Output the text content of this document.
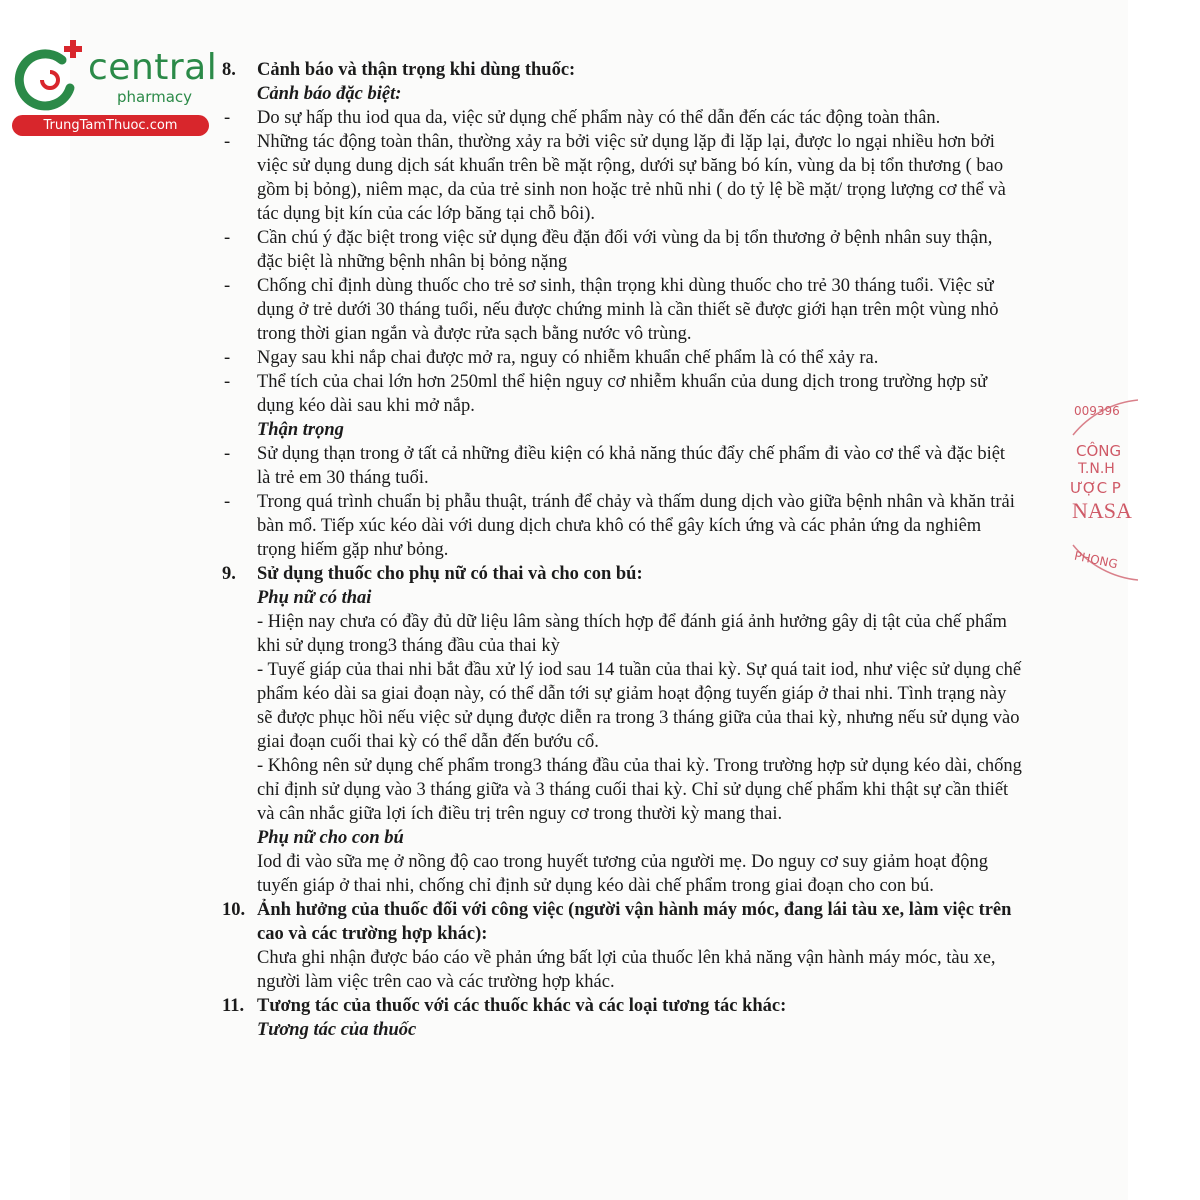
central
pharmacy
TrungTamThuoc.com
009396
CÔNG
T.N.H
ƯỢC P
NASA
PHONG
8. Cảnh báo và thận trọng khi dùng thuốc:
Cảnh báo đặc biệt:
- Do sự hấp thu iod qua da, việc sử dụng chế phẩm này có thể dẫn đến các tác động toàn thân.
- Những tác động toàn thân, thường xảy ra bởi việc sử dụng lặp đi lặp lại, được lo ngại nhiều hơn bởi việc sử dụng dung dịch sát khuẩn trên bề mặt rộng, dưới sự băng bó kín, vùng da bị tổn thương ( bao gồm bị bỏng), niêm mạc, da của trẻ sinh non hoặc trẻ nhũ nhi ( do tỷ lệ bề mặt/ trọng lượng cơ thể và tác dụng bịt kín của các lớp băng tại chỗ bôi).
- Cần chú ý đặc biệt trong việc sử dụng đều đặn đối với vùng da bị tổn thương ở bệnh nhân suy thận, đặc biệt là những bệnh nhân bị bỏng nặng
- Chống chỉ định dùng thuốc cho trẻ sơ sinh, thận trọng khi dùng thuốc cho trẻ 30 tháng tuổi. Việc sử dụng ở trẻ dưới 30 tháng tuổi, nếu được chứng minh là cần thiết sẽ được giới hạn trên một vùng nhỏ trong thời gian ngắn và được rửa sạch bằng nước vô trùng.
- Ngay sau khi nắp chai được mở ra, nguy có nhiễm khuẩn chế phẩm là có thể xảy ra.
- Thể tích của chai lớn hơn 250ml thể hiện nguy cơ nhiễm khuẩn của dung dịch trong trường hợp sử dụng kéo dài sau khi mở nắp.
Thận trọng
- Sử dụng thạn trong ở tất cả những điều kiện có khả năng thúc đẩy chế phẩm đi vào cơ thể và đặc biệt là trẻ em 30 tháng tuổi.
- Trong quá trình chuẩn bị phẫu thuật, tránh để chảy và thấm dung dịch vào giữa bệnh nhân và khăn trải bàn mổ. Tiếp xúc kéo dài với dung dịch chưa khô có thể gây kích ứng và các phản ứng da nghiêm trọng hiếm gặp như bỏng.
9. Sử dụng thuốc cho phụ nữ có thai và cho con bú:
Phụ nữ có thai
- Hiện nay chưa có đầy đủ dữ liệu lâm sàng thích hợp để đánh giá ảnh hưởng gây dị tật của chế phẩm khi sử dụng trong3 tháng đầu của thai kỳ
- Tuyế giáp của thai nhi bắt đầu xử lý iod sau 14 tuần của thai kỳ. Sự quá tait iod, như việc sử dụng chế phẩm kéo dài sa giai đoạn này, có thể dẫn tới sự giảm hoạt động tuyến giáp ở thai nhi. Tình trạng này sẽ được phục hồi nếu việc sử dụng được diễn ra trong 3 tháng giữa của thai kỳ, nhưng nếu sử dụng vào giai đoạn cuối thai kỳ có thể dẫn đến bướu cổ.
- Không nên sử dụng chế phẩm trong3 tháng đầu của thai kỳ. Trong trường hợp sử dụng kéo dài, chống chỉ định sử dụng vào 3 tháng giữa và 3 tháng cuối thai kỳ. Chỉ sử dụng chế phẩm khi thật sự cần thiết và cân nhắc giữa lợi ích điều trị trên nguy cơ trong thười kỳ mang thai.
Phụ nữ cho con bú
Iod đi vào sữa mẹ ở nồng độ cao trong huyết tương của người mẹ. Do nguy cơ suy giảm hoạt động tuyến giáp ở thai nhi, chống chỉ định sử dụng kéo dài chế phẩm trong giai đoạn cho con bú.
10. Ảnh hưởng của thuốc đối với công việc (người vận hành máy móc, đang lái tàu xe, làm việc trên cao và các trường hợp khác):
Chưa ghi nhận được báo cáo về phản ứng bất lợi của thuốc lên khả năng vận hành máy móc, tàu xe, người làm việc trên cao và các trường hợp khác.
11. Tương tác của thuốc với các thuốc khác và các loại tương tác khác:
Tương tác của thuốc
